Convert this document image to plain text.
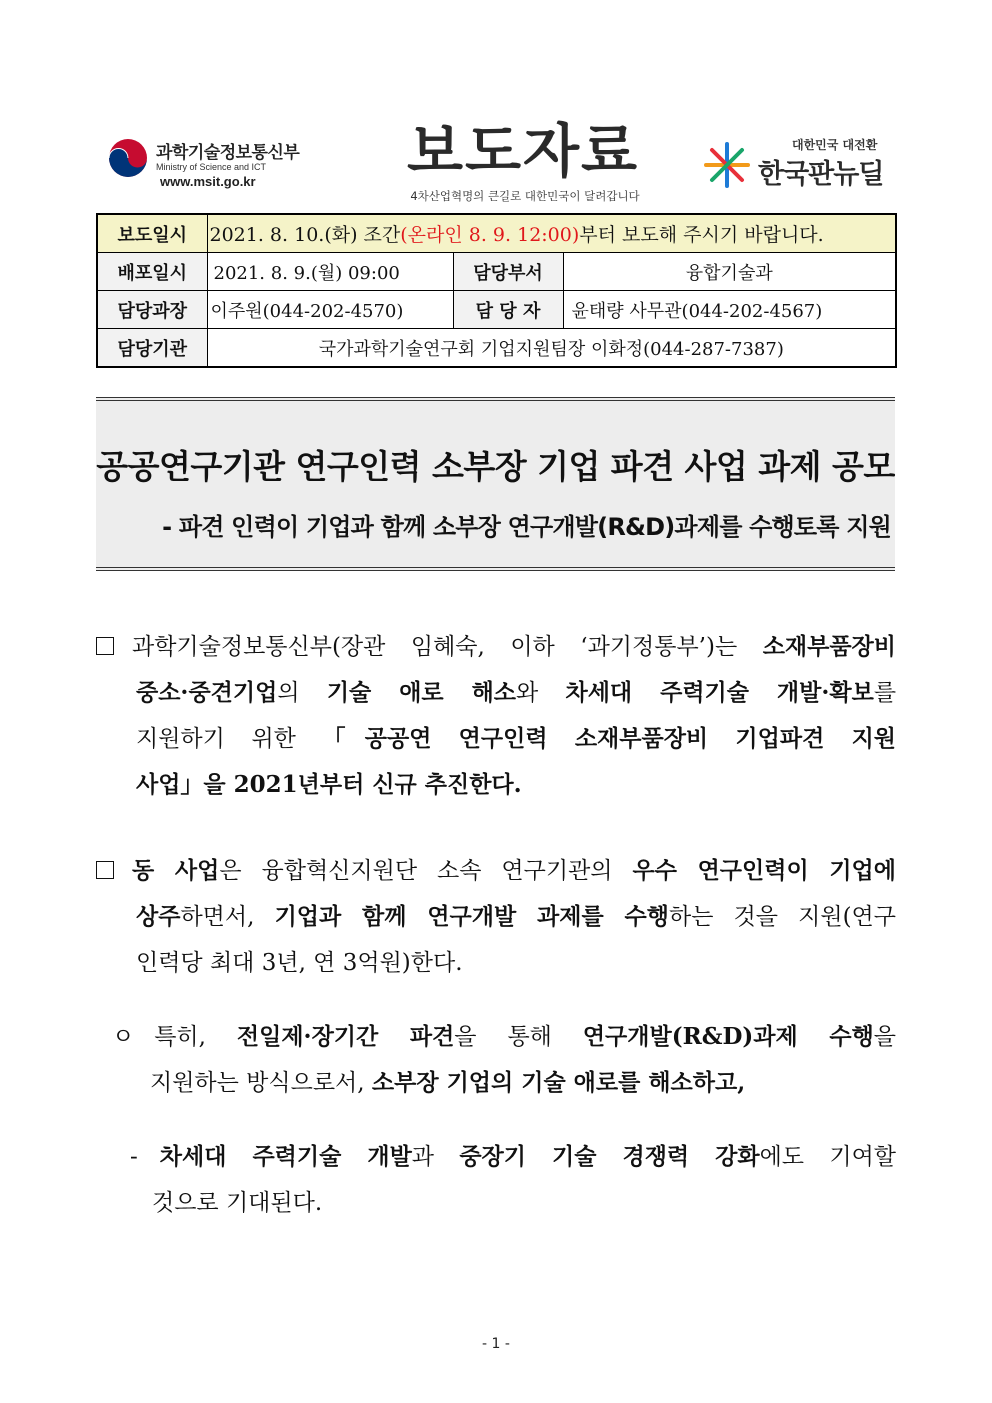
과학기술정보통신부
Ministry of Science and ICT
www.msit.go.kr	보도자료
4차산업혁명의 큰길로 대한민국이 달려갑니다
대한민국 대전환
한국판뉴딜
보도일시	2021. 8. 10.(화) 조간(온라인 8. 9. 12:00)부터 보도해 주시기 바랍니다.		
배포일시	2021. 8. 9.(월) 09:00	담당부서	융합기술과
담당과장	이주원(044-202-4570)	담 당 자	윤태량 사무관(044-202-4567)
담당기관	국가과학기술연구회 기업지원팀장 이화정(044-287-7387)		
공공연구기관 연구인력 소부장 기업 파견 사업 과제 공모
- 파견 인력이 기업과 함께 소부장 연구개발(R&D)과제를 수행토록 지원
과학기술정보통신부(장관 임혜숙, 이하 ‘과기정통부’)는 소재부품장비
중소·중견기업의 기술 애로 해소와 차세대 주력기술 개발·확보를
지원하기 위한 「공공연 연구인력 소재부품장비 기업파견 지원
사업」을 2021년부터 신규 추진한다.
동 사업은 융합혁신지원단 소속 연구기관의 우수 연구인력이 기업에
상주하면서, 기업과 함께 연구개발 과제를 수행하는 것을 지원(연구
인력당 최대 3년, 연 3억원)한다.
ㅇ 특히, 전일제·장기간 파견을 통해 연구개발(R&D)과제 수행을
지원하는 방식으로서, 소부장 기업의 기술 애로를 해소하고,
- 차세대 주력기술 개발과 중장기 기술 경쟁력 강화에도 기여할
것으로 기대된다.
- 1 -
